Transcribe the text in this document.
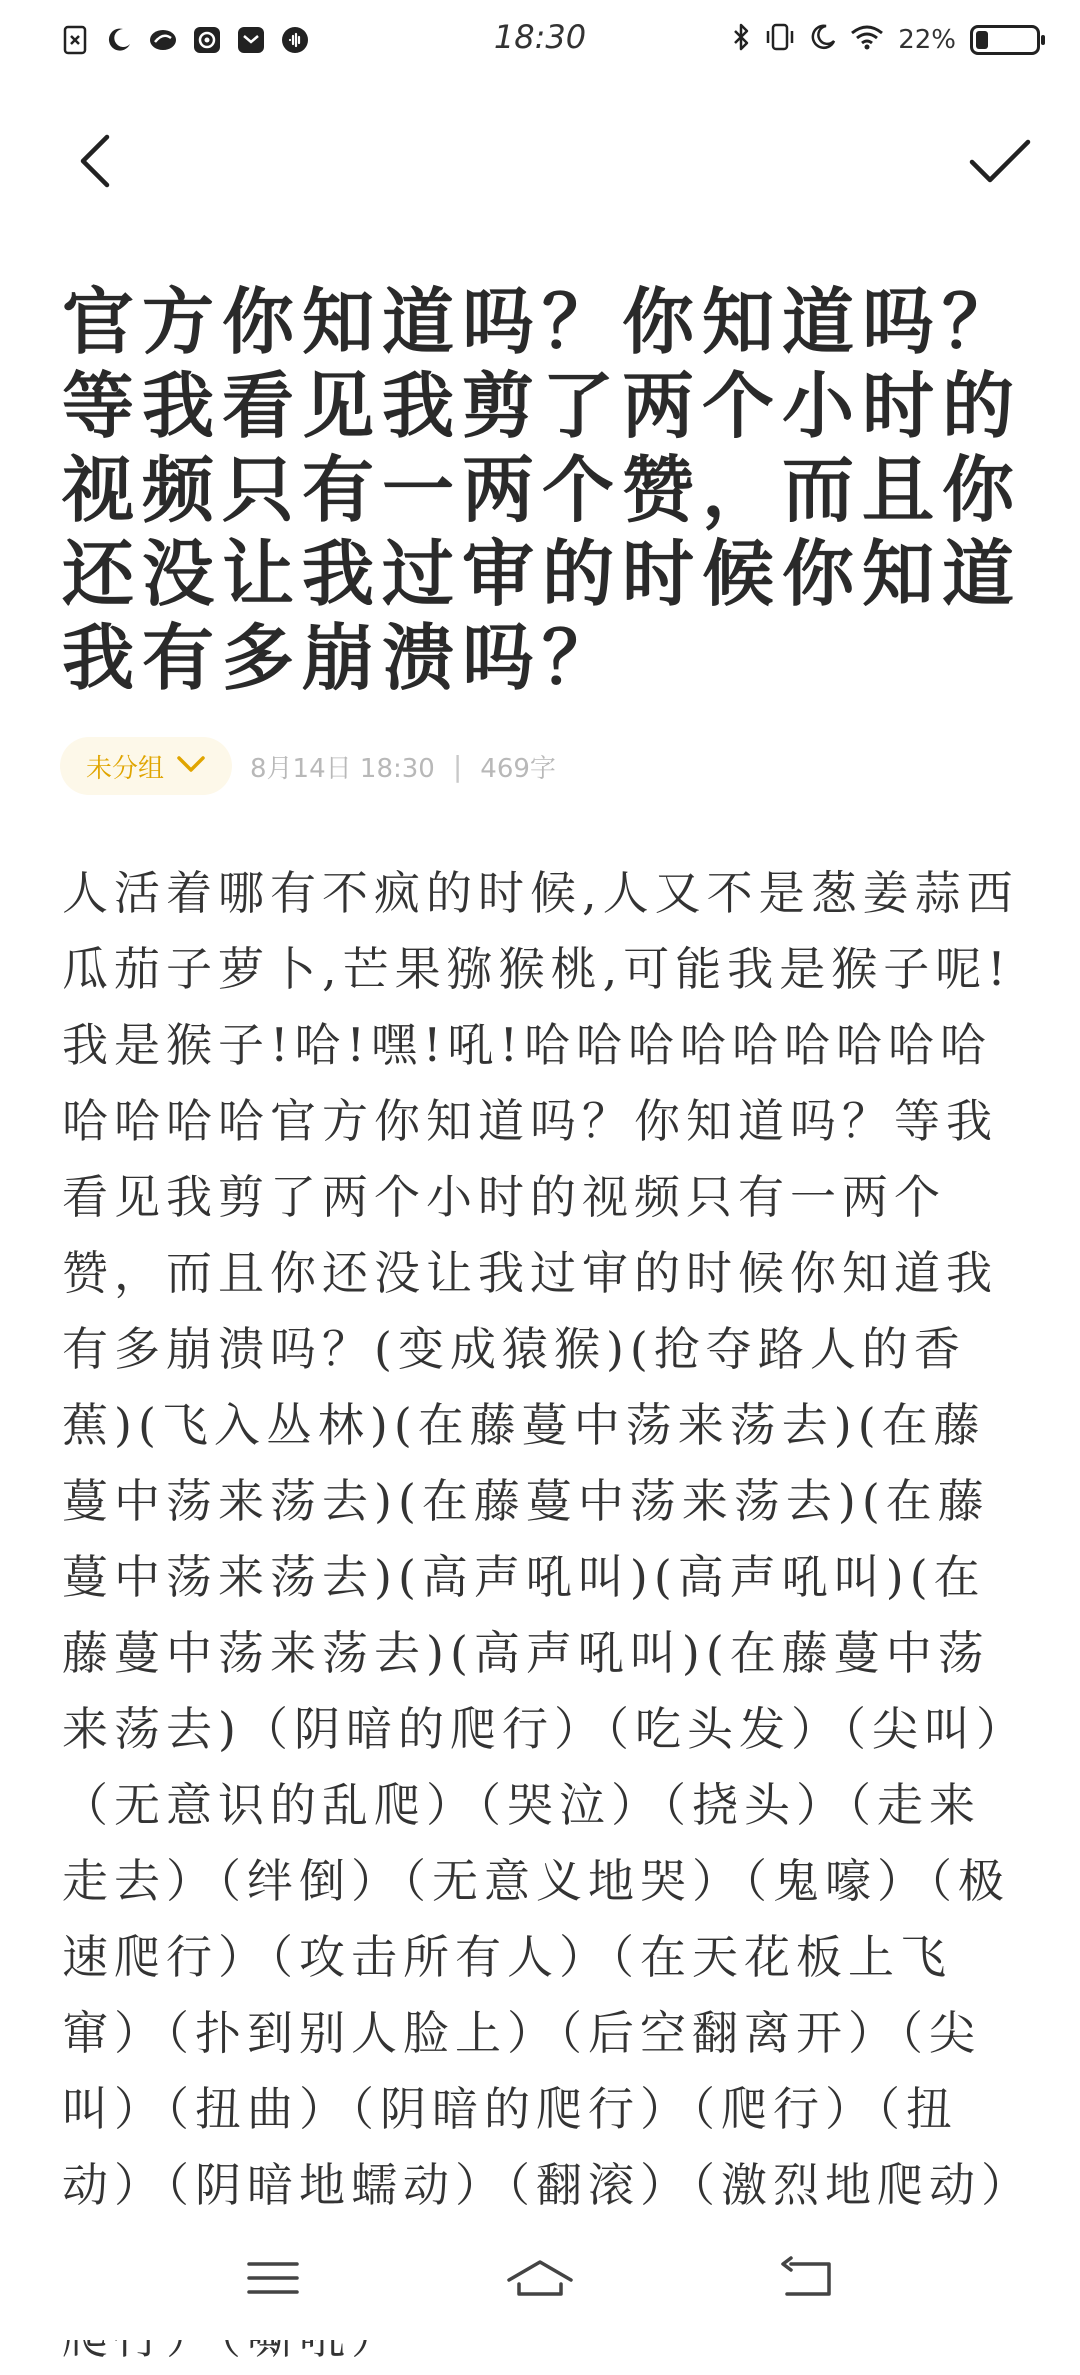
18:30	22%
官方你知道吗？你知道吗？等我看见我剪了两个小时的视频只有一两个赞，而且你还没让我过审的时候你知道我有多崩溃吗？
未分组	8月14日 18:30 | 469字
人活着哪有不疯的时候,人又不是葱姜蒜西瓜茄子萝卜,芒果猕猴桃,可能我是猴子呢!我是猴子!哈!嘿!吼!哈哈哈哈哈哈哈哈哈哈哈哈哈官方你知道吗？你知道吗？等我看见我剪了两个小时的视频只有一两个赞，而且你还没让我过审的时候你知道我有多崩溃吗？(变成猿猴)(抢夺路人的香蕉)(飞入丛林)(在藤蔓中荡来荡去)(在藤蔓中荡来荡去)(在藤蔓中荡来荡去)(在藤蔓中荡来荡去)(高声吼叫)(高声吼叫)(在藤蔓中荡来荡去)(高声吼叫)(在藤蔓中荡来荡去)（阴暗的爬行）（吃头发）（尖叫）（无意识的乱爬）（哭泣）（挠头）（走来走去）（绊倒）（无意义地哭）（鬼嚎）（极速爬行）（攻击所有人）（在天花板上飞窜）（扑到别人脸上）（后空翻离开）（尖叫）（扭曲）（阴暗的爬行）（爬行）（扭动）（阴暗地蠕动）（翻滚）（激烈地爬动）
